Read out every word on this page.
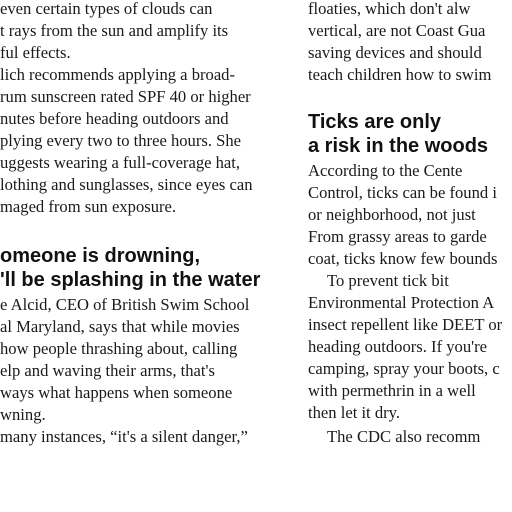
even certain types of clouds can
t rays from the sun and amplify its
ful effects.
lich recommends applying a broad-
rum sunscreen rated SPF 40 or higher
nutes before heading outdoors and
plying every two to three hours. She
uggests wearing a full-coverage hat,
lothing and sunglasses, since eyes can
maged from sun exposure.
omeone is drowning,
'll be splashing in the water
e Alcid, CEO of British Swim School
al Maryland, says that while movies
how people thrashing about, calling
elp and waving their arms, that's
ways what happens when someone
wning.
many instances, “it's a silent danger,”
floaties, which don't alw
vertical, are not Coast Gua
saving devices and should
teach children how to swim
Ticks are only
a risk in the woods
According to the Cente
Control, ticks can be found i
or neighborhood, not just
From grassy areas to garde
coat, ticks know few bounds
To prevent tick bit
Environmental Protection A
insect repellent like DEET or
heading outdoors. If you're
camping, spray your boots, c
with permethrin in a well
then let it dry.
The CDC also recomm
